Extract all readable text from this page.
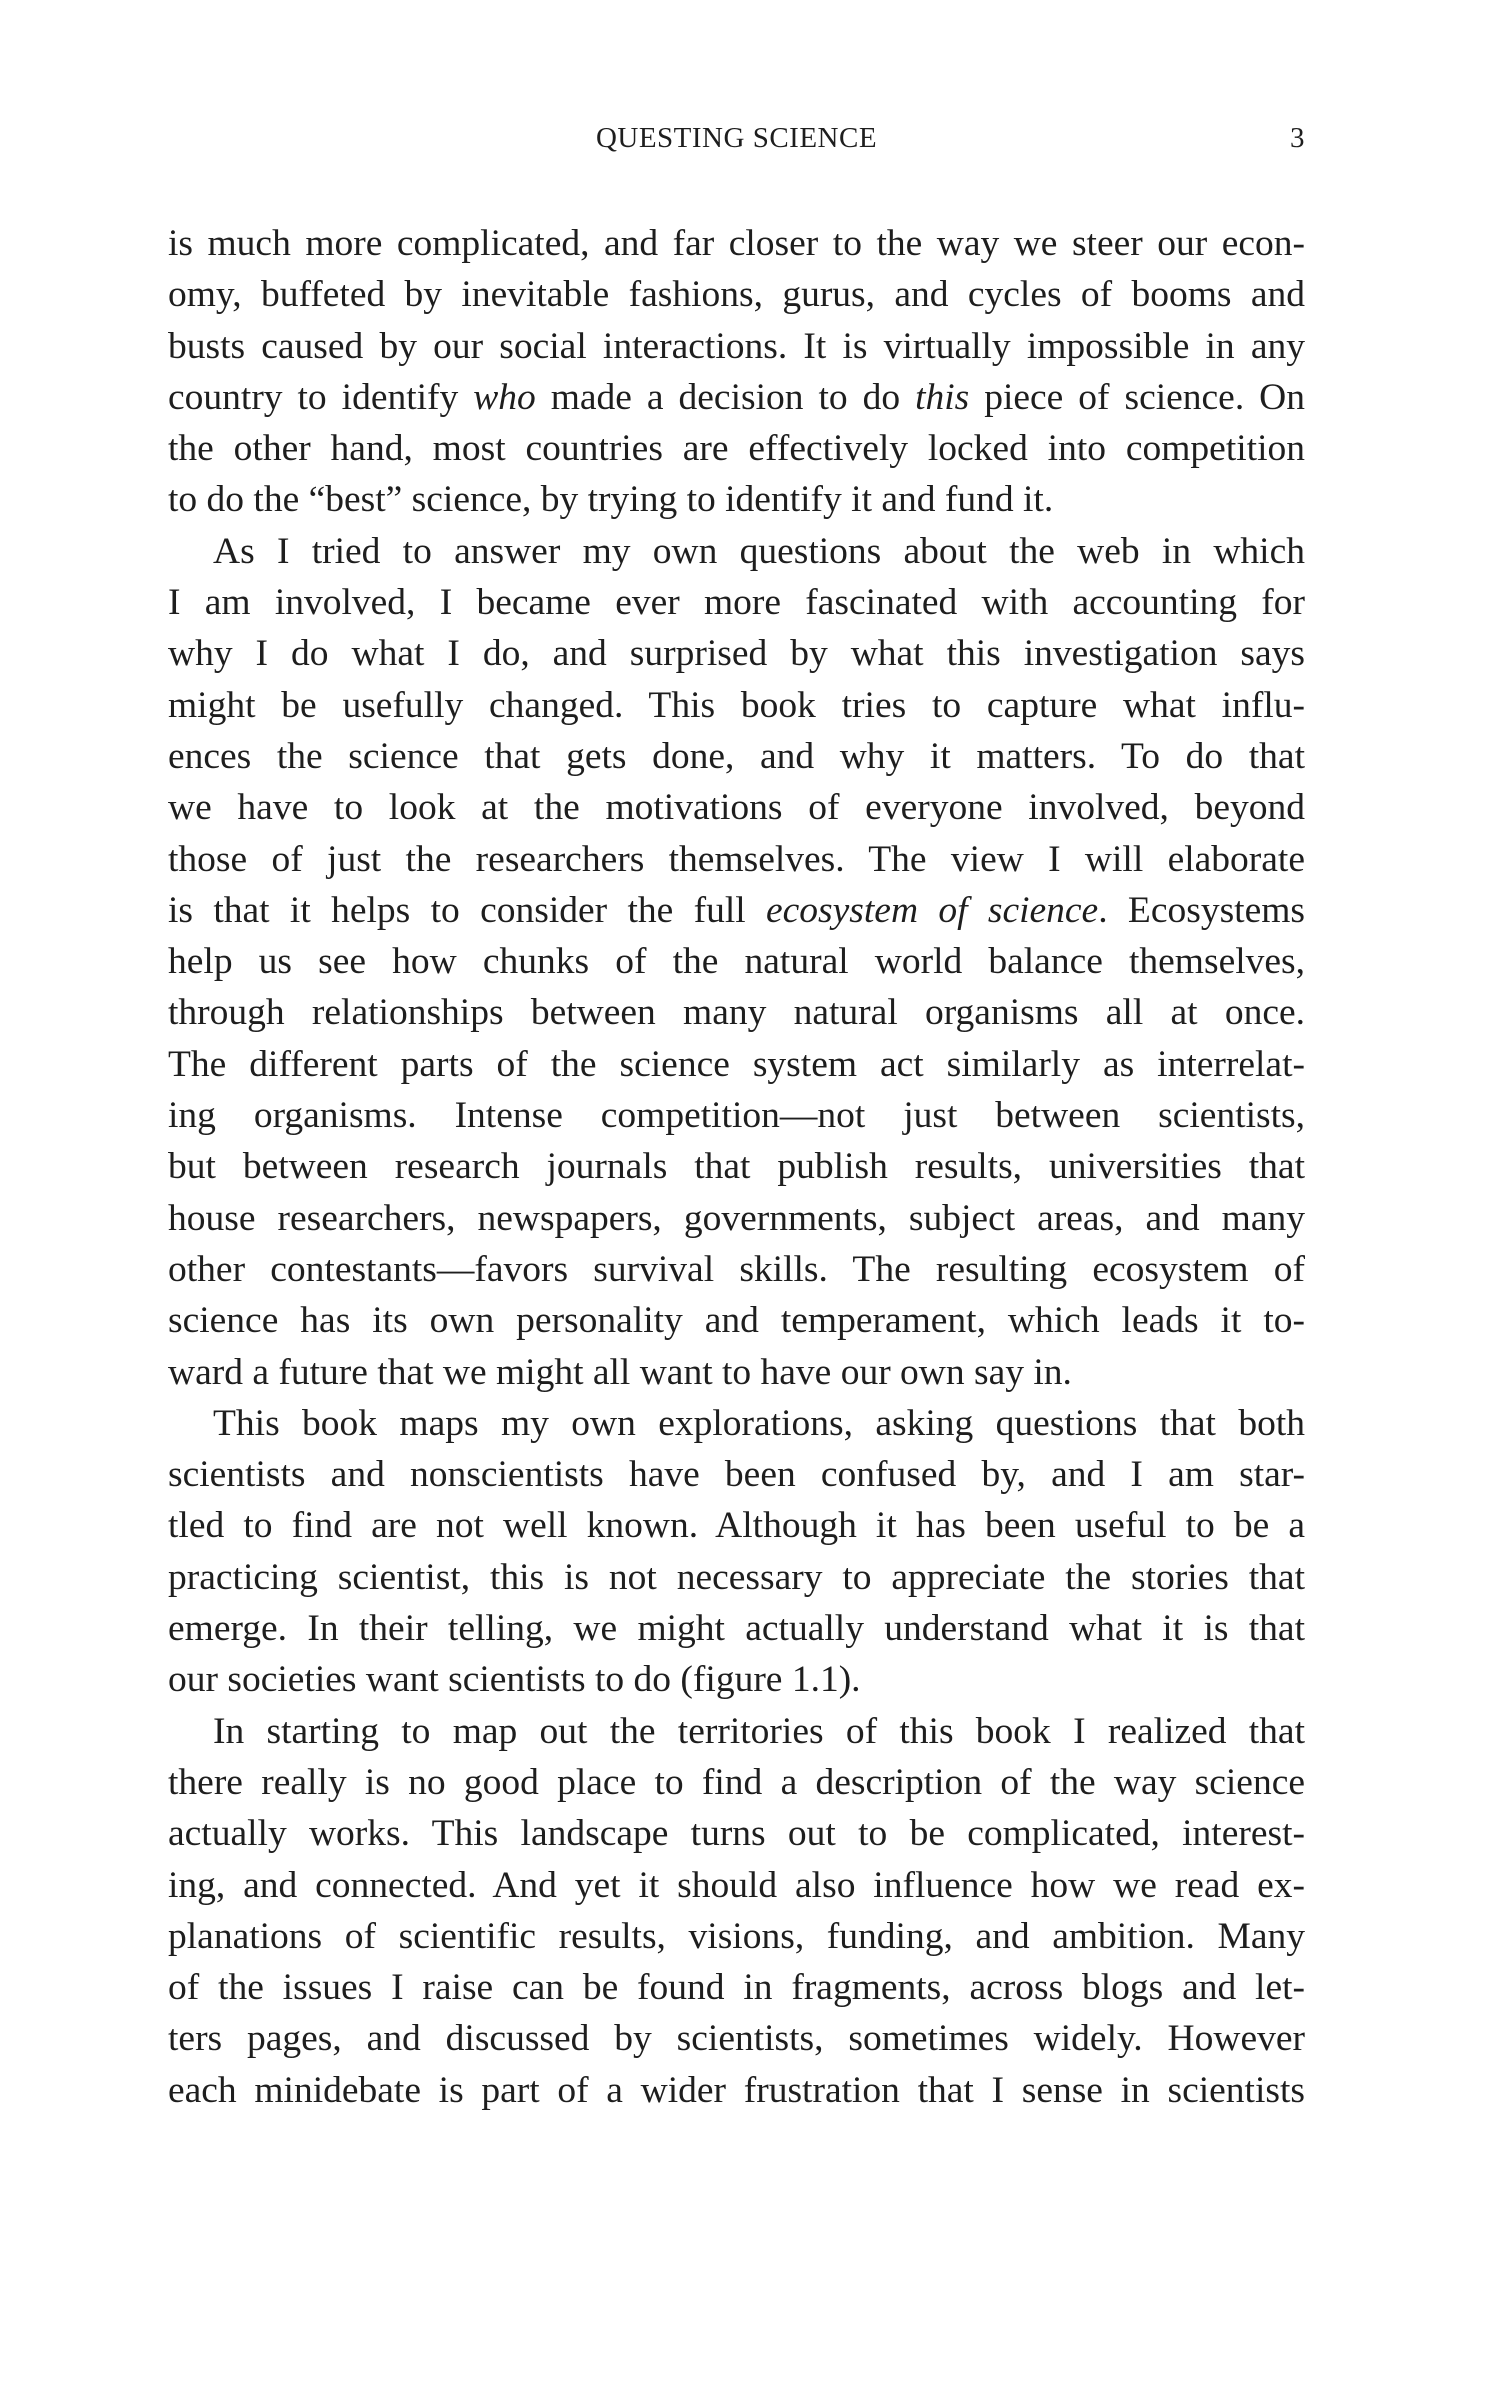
QUESTING SCIENCE	3
is much more complicated, and far closer to the way we steer our econ-
omy, buffeted by inevitable fashions, gurus, and cycles of booms and
busts caused by our social interactions. It is virtually impossible in any
country to identify who made a decision to do this piece of science. On
the other hand, most countries are effectively locked into competition
to do the “best” science, by trying to identify it and fund it.
As I tried to answer my own questions about the web in which
I am involved, I became ever more fascinated with accounting for
why I do what I do, and surprised by what this investigation says
might be usefully changed. This book tries to capture what influ-
ences the science that gets done, and why it matters. To do that
we have to look at the motivations of everyone involved, beyond
those of just the researchers themselves. The view I will elaborate
is that it helps to consider the full ecosystem of science. Ecosystems
help us see how chunks of the natural world balance themselves,
through relationships between many natural organisms all at once.
The different parts of the science system act similarly as interrelat-
ing organisms. Intense competition—not just between scientists,
but between research journals that publish results, universities that
house researchers, newspapers, governments, subject areas, and many
other contestants—favors survival skills. The resulting ecosystem of
science has its own personality and temperament, which leads it to-
ward a future that we might all want to have our own say in.
This book maps my own explorations, asking questions that both
scientists and nonscientists have been confused by, and I am star-
tled to find are not well known. Although it has been useful to be a
practicing scientist, this is not necessary to appreciate the stories that
emerge. In their telling, we might actually understand what it is that
our societies want scientists to do (figure 1.1).
In starting to map out the territories of this book I realized that
there really is no good place to find a description of the way science
actually works. This landscape turns out to be complicated, interest-
ing, and connected. And yet it should also influence how we read ex-
planations of scientific results, visions, funding, and ambition. Many
of the issues I raise can be found in fragments, across blogs and let-
ters pages, and discussed by scientists, sometimes widely. However
each minidebate is part of a wider frustration that I sense in scientists
